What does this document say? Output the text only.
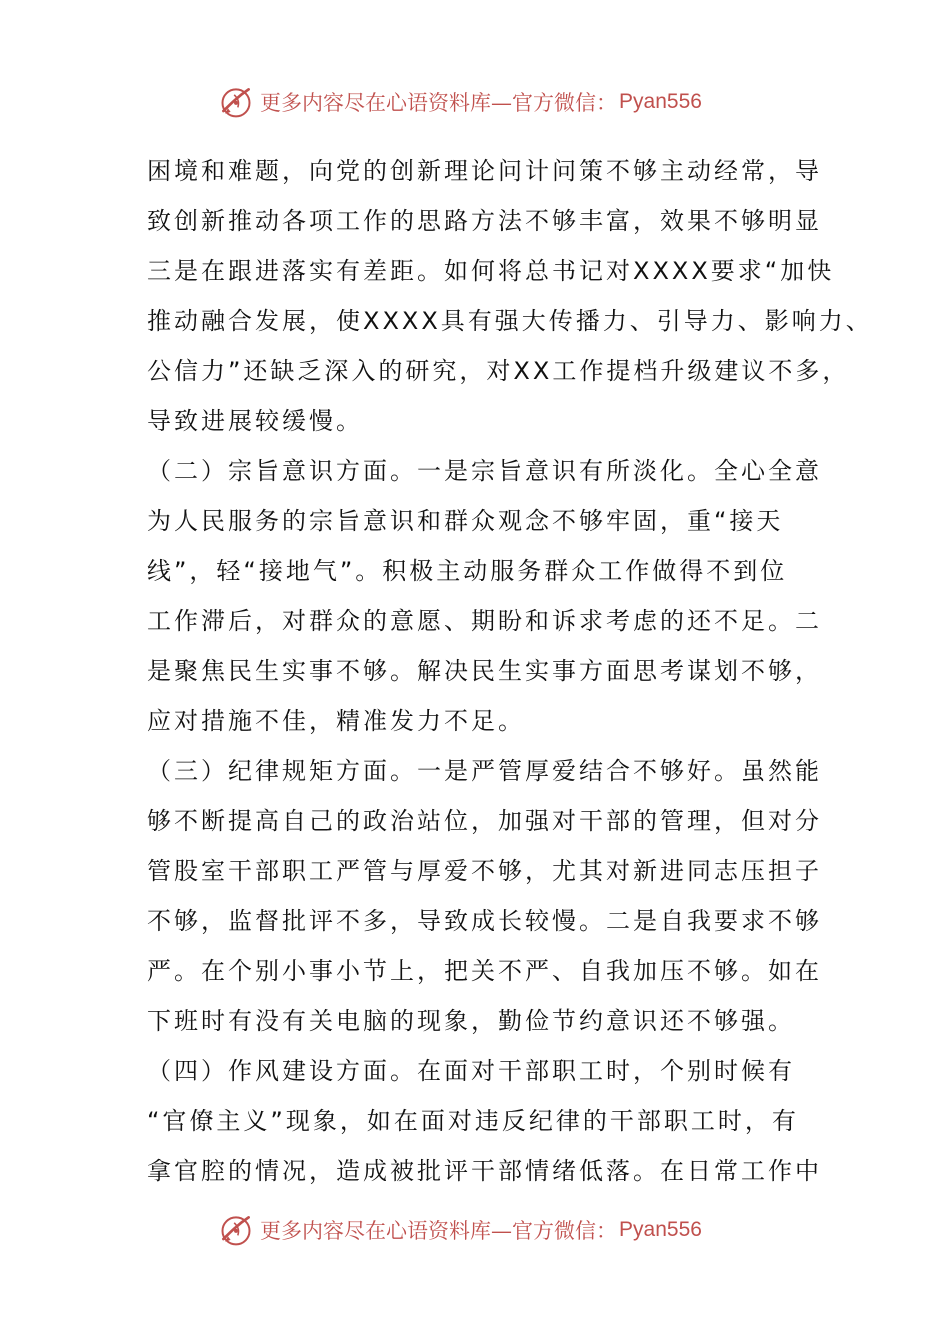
更多内容尽在心语资料库—官方微信： Pyan556
困境和难题，向党的创新理论问计问策不够主动经常，导
致创新推动各项工作的思路方法不够丰富，效果不够明显
三是在跟进落实有差距。如何将总书记对XXXX要求“加快
推动融合发展，使XXXX具有强大传播力、引导力、影响力、
公信力”还缺乏深入的研究，对XX工作提档升级建议不多，
导致进展较缓慢。
（二）宗旨意识方面。一是宗旨意识有所淡化。全心全意
为人民服务的宗旨意识和群众观念不够牢固，重“接天
线”，轻“接地气”。积极主动服务群众工作做得不到位
工作滞后，对群众的意愿、期盼和诉求考虑的还不足。二
是聚焦民生实事不够。解决民生实事方面思考谋划不够，
应对措施不佳，精准发力不足。
（三）纪律规矩方面。一是严管厚爱结合不够好。虽然能
够不断提高自己的政治站位，加强对干部的管理，但对分
管股室干部职工严管与厚爱不够，尤其对新进同志压担子
不够，监督批评不多，导致成长较慢。二是自我要求不够
严。在个别小事小节上，把关不严、自我加压不够。如在
下班时有没有关电脑的现象，勤俭节约意识还不够强。
（四）作风建设方面。在面对干部职工时，个别时候有
“官僚主义”现象，如在面对违反纪律的干部职工时，有
拿官腔的情况，造成被批评干部情绪低落。在日常工作中
更多内容尽在心语资料库—官方微信： Pyan556
